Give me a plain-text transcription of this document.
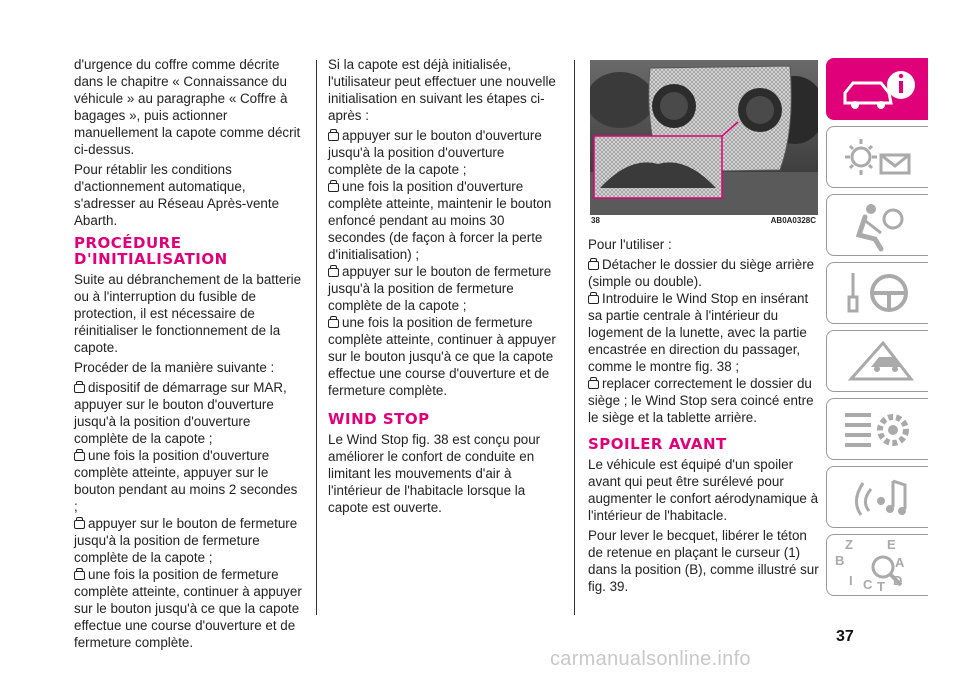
d'urgence du coffre comme décrite dans le chapitre « Connaissance du véhicule » au paragraphe « Coffre à bagages », puis actionner manuellement la capote comme décrit ci-dessus.

Pour rétablir les conditions d'actionnement automatique, s'adresser au Réseau Après-vente Abarth.

PROCÉDURE D'INITIALISATION

Suite au débranchement de la batterie ou à l'interruption du fusible de protection, il est nécessaire de réinitialiser le fonctionnement de la capote.

Procéder de la manière suivante :

dispositif de démarrage sur MAR, appuyer sur le bouton d'ouverture jusqu'à la position d'ouverture complète de la capote ;
une fois la position d'ouverture complète atteinte, appuyer sur le bouton pendant au moins 2 secondes ;
appuyer sur le bouton de fermeture jusqu'à la position de fermeture complète de la capote ;
une fois la position de fermeture complète atteinte, continuer à appuyer sur le bouton jusqu'à ce que la capote effectue une course d'ouverture et de fermeture complète.

Si la capote est déjà initialisée, l'utilisateur peut effectuer une nouvelle initialisation en suivant les étapes ci-après :

appuyer sur le bouton d'ouverture jusqu'à la position d'ouverture complète de la capote ;
une fois la position d'ouverture complète atteinte, maintenir le bouton enfoncé pendant au moins 30 secondes (de façon à forcer la perte d'initialisation) ;
appuyer sur le bouton de fermeture jusqu'à la position de fermeture complète de la capote ;
une fois la position de fermeture complète atteinte, continuer à appuyer sur le bouton jusqu'à ce que la capote effectue une course d'ouverture et de fermeture complète.
WIND STOP

Le Wind Stop fig. 38 est conçu pour améliorer le confort de conduite en limitant les mouvements d'air à l'intérieur de l'habitacle lorsque la capote est ouverte.

38	AB0A0328C

Pour l'utiliser :

Détacher le dossier du siège arrière (simple ou double).
Introduire le Wind Stop en insérant sa partie centrale à l'intérieur du logement de la lunette, avec la partie encastrée en direction du passager, comme le montre fig. 38 ;
replacer correctement le dossier du siège ; le Wind Stop sera coincé entre le siège et la tablette arrière.
SPOILER AVANT

Le véhicule est équipé d'un spoiler avant qui peut être surélevé pour augmenter le confort aérodynamique à l'intérieur de l'habitacle.

Pour lever le becquet, libérer le téton de retenue en plaçant le curseur (1) dans la position (B), comme illustré sur fig. 39.

Z	E
B	A
I C T D
37
carmanualsonline.info
